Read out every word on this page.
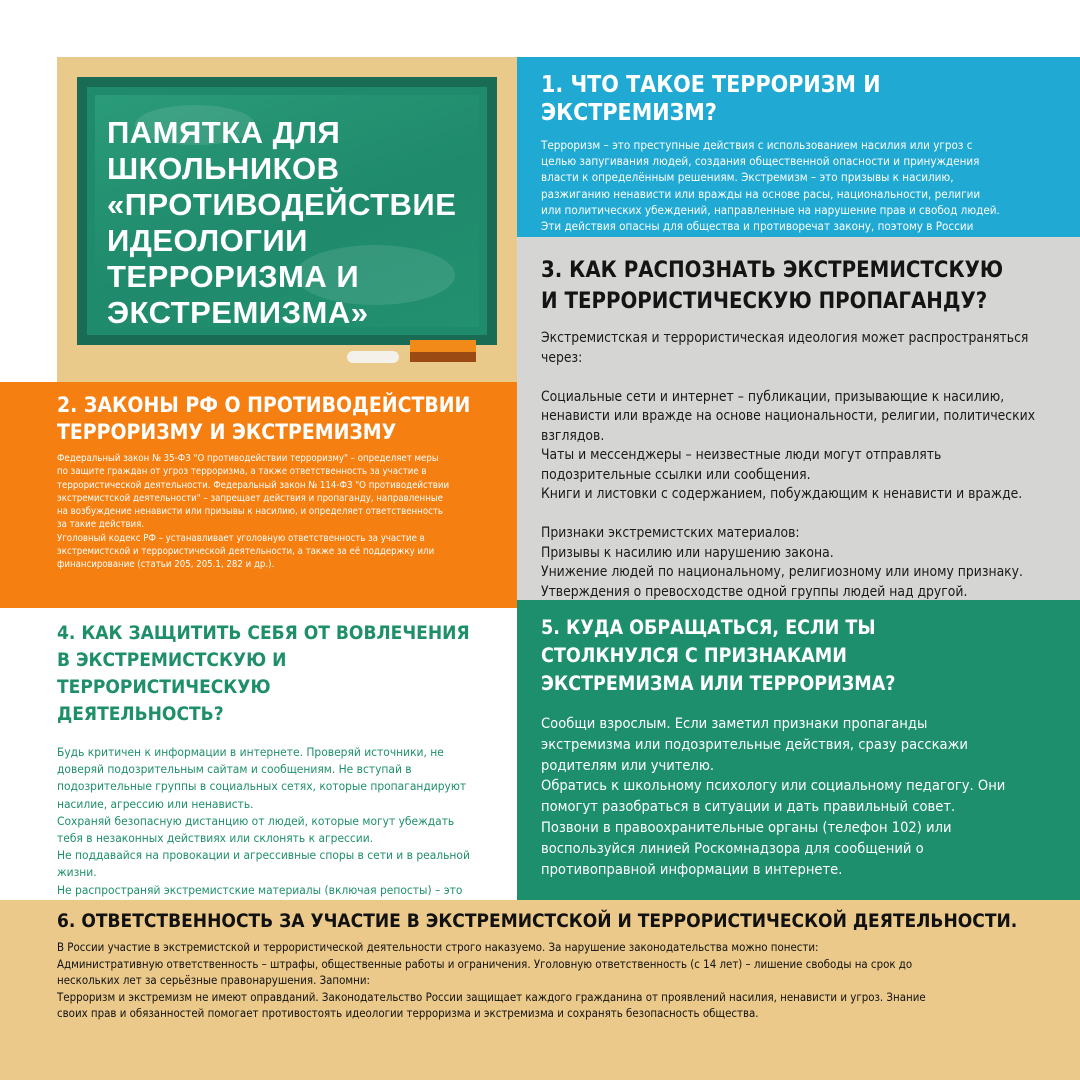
ПАМЯТКА ДЛЯ
ШКОЛЬНИКОВ
«ПРОТИВОДЕЙСТВИЕ
ИДЕОЛОГИИ
ТЕРРОРИЗМА И
ЭКСТРЕМИЗМА»
1. ЧТО ТАКОЕ ТЕРРОРИЗМ И ЭКСТРЕМИЗМ?

Терроризм – это преступные действия с использованием насилия или угроз с
целью запугивания людей, создания общественной опасности и принуждения
власти к определённым решениям. Экстремизм – это призывы к насилию,
разжиганию ненависти или вражды на основе расы, национальности, религии
или политических убеждений, направленные на нарушение прав и свобод людей.
Эти действия опасны для общества и противоречат закону, поэтому в России

3. КАК РАСПОЗНАТЬ ЭКСТРЕМИСТСКУЮ
И ТЕРРОРИСТИЧЕСКУЮ ПРОПАГАНДУ?

Экстремистская и террористическая идеология может распространяться
через:

Социальные сети и интернет – публикации, призывающие к насилию,
ненависти или вражде на основе национальности, религии, политических
взглядов.
Чаты и мессенджеры – неизвестные люди могут отправлять
подозрительные ссылки или сообщения.
Книги и листовки с содержанием, побуждающим к ненависти и вражде.

Признаки экстремистских материалов:
Призывы к насилию или нарушению закона.
Унижение людей по национальному, религиозному или иному признаку.
Утверждения о превосходстве одной группы людей над другой.

2. ЗАКОНЫ РФ О ПРОТИВОДЕЙСТВИИ
ТЕРРОРИЗМУ И ЭКСТРЕМИЗМУ

Федеральный закон № 35-ФЗ "О противодействии терроризму" – определяет меры
по защите граждан от угроз терроризма, а также ответственность за участие в
террористической деятельности. Федеральный закон № 114-ФЗ "О противодействии
экстремистской деятельности" – запрещает действия и пропаганду, направленные
на возбуждение ненависти или призывы к насилию, и определяет ответственность
за такие действия.
Уголовный кодекс РФ – устанавливает уголовную ответственность за участие в
экстремистской и террористической деятельности, а также за её поддержку или
финансирование (статьи 205, 205.1, 282 и др.).

4. КАК ЗАЩИТИТЬ СЕБЯ ОТ ВОВЛЕЧЕНИЯ
В ЭКСТРЕМИСТСКУЮ И ТЕРРОРИСТИЧЕСКУЮ
ДЕЯТЕЛЬНОСТЬ?

Будь критичен к информации в интернете. Проверяй источники, не
доверяй подозрительным сайтам и сообщениям. Не вступай в
подозрительные группы в социальных сетях, которые пропагандируют
насилие, агрессию или ненависть.
Сохраняй безопасную дистанцию от людей, которые могут убеждать
тебя в незаконных действиях или склонять к агрессии.
Не поддавайся на провокации и агрессивные споры в сети и в реальной
жизни.
Не распространяй экстремистские материалы (включая репосты) – это

5. КУДА ОБРАЩАТЬСЯ, ЕСЛИ ТЫ
СТОЛКНУЛСЯ С ПРИЗНАКАМИ
ЭКСТРЕМИЗМА ИЛИ ТЕРРОРИЗМА?

Сообщи взрослым. Если заметил признаки пропаганды
экстремизма или подозрительные действия, сразу расскажи
родителям или учителю.
Обратись к школьному психологу или социальному педагогу. Они
помогут разобраться в ситуации и дать правильный совет.
Позвони в правоохранительные органы (телефон 102) или
воспользуйся линией Роскомнадзора для сообщений о
противоправной информации в интернете.

6. ОТВЕТСТВЕННОСТЬ ЗА УЧАСТИЕ В ЭКСТРЕМИСТСКОЙ И ТЕРРОРИСТИЧЕСКОЙ ДЕЯТЕЛЬНОСТИ.

В России участие в экстремистской и террористической деятельности строго наказуемо. За нарушение законодательства можно понести:
Административную ответственность – штрафы, общественные работы и ограничения. Уголовную ответственность (с 14 лет) – лишение свободы на срок до
нескольких лет за серьёзные правонарушения. Запомни:
Терроризм и экстремизм не имеют оправданий. Законодательство России защищает каждого гражданина от проявлений насилия, ненависти и угроз. Знание
своих прав и обязанностей помогает противостоять идеологии терроризма и экстремизма и сохранять безопасность общества.
